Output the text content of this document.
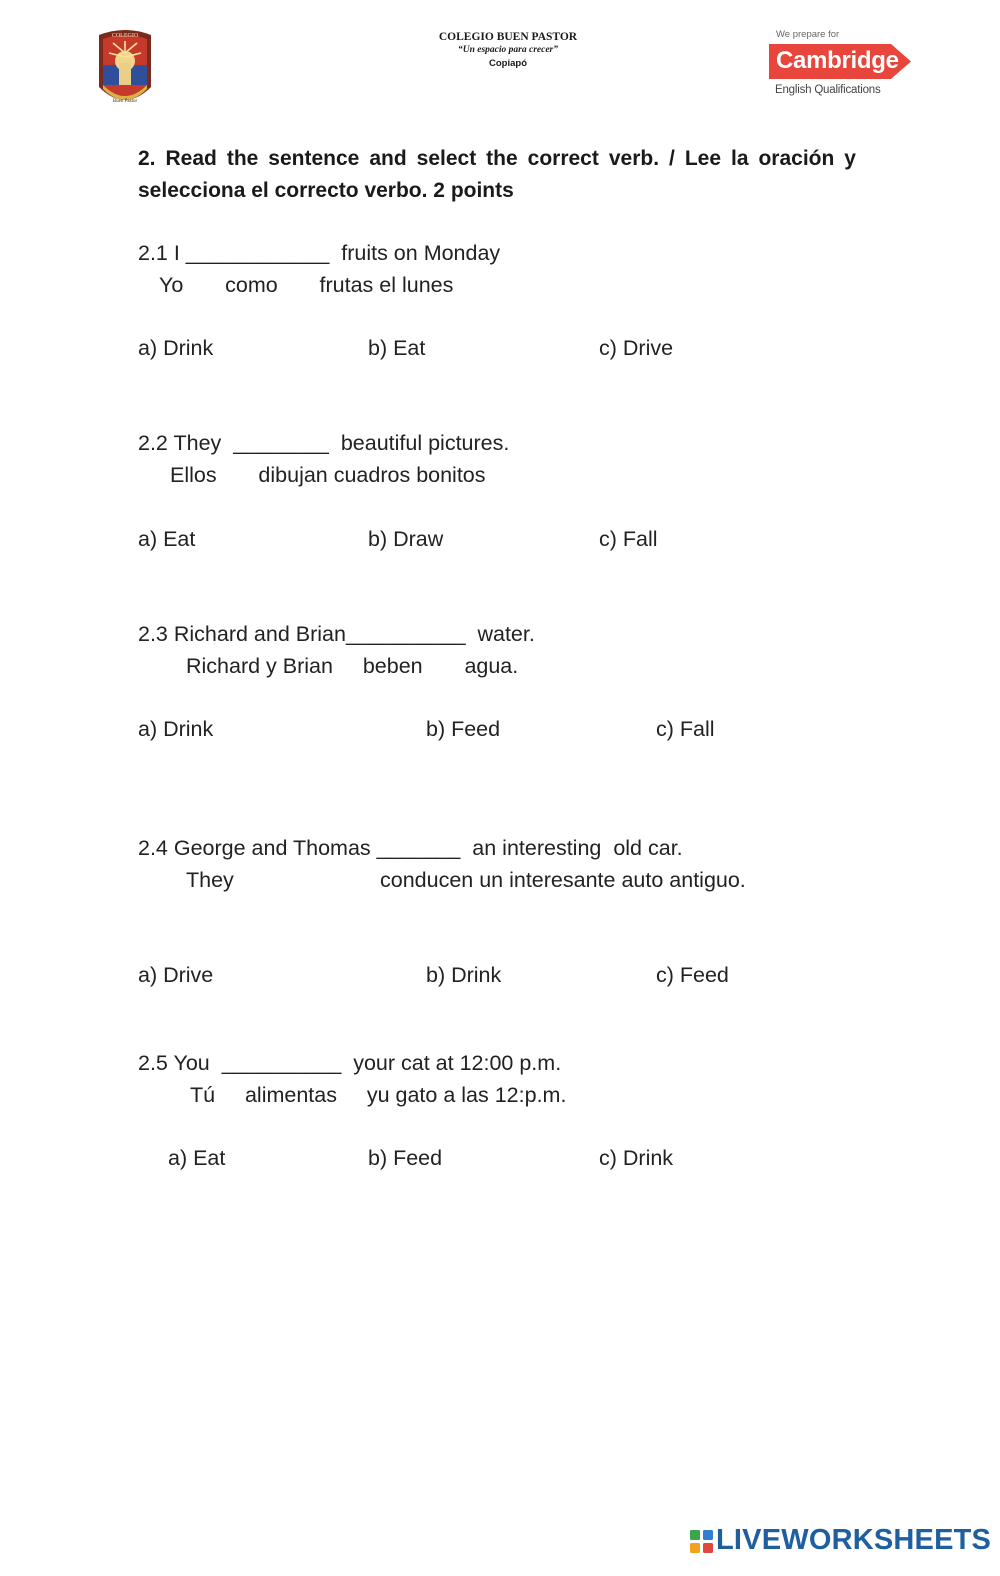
COLEGIO
Buen Pastor
COLEGIO BUEN PASTOR
“Un espacio para crecer”
Copiapó
We prepare for
Cambridge
English Qualifications
2. Read the sentence and select the correct verb. / Lee la oración y selecciona el correcto verbo. 2 points
2.1 I ____________  fruits on Monday
Yo       como       frutas el lunes
a) Drink	b) Eat	c) Drive
2.2 They  ________  beautiful pictures.
Ellos       dibujan cuadros bonitos
a) Eat	b) Draw	c) Fall
2.3 Richard and Brian__________  water.
Richard y Brian     beben       agua.
a) Drink	b) Feed	c) Fall
2.4 George and Thomas _______  an interesting  old car.
They	conducen un interesante auto antiguo.
a) Drive	b) Drink	c) Feed
2.5 You  __________  your cat at 12:00 p.m.
Tú     alimentas     yu gato a las 12:p.m.
a) Eat	b) Feed	c) Drink
LIVEWORKSHEETS
